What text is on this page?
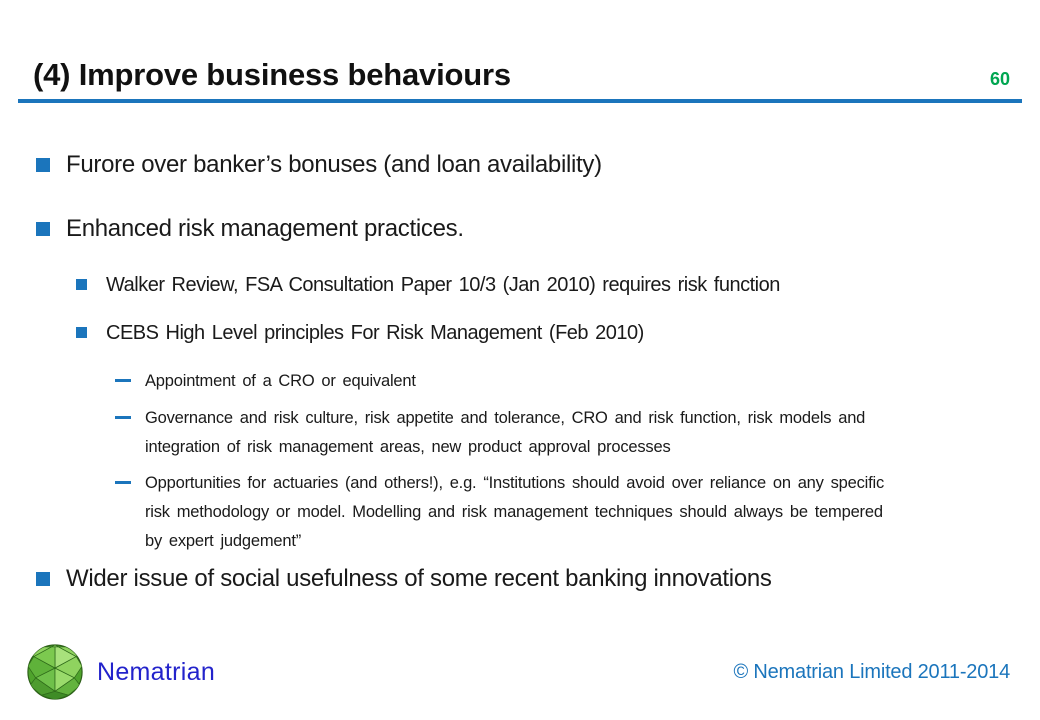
(4) Improve business behaviours	60
Furore over banker’s bonuses (and loan availability)
Enhanced risk management practices.
Walker Review, FSA Consultation Paper 10/3 (Jan 2010) requires risk function
CEBS High Level principles For Risk Management (Feb 2010)
Appointment of a CRO or equivalent
Governance and risk culture, risk appetite and tolerance, CRO and risk function, risk models and integration of risk management areas, new product approval processes
Opportunities for actuaries (and others!), e.g. “Institutions should avoid over reliance on any specific risk methodology or model. Modelling and risk management techniques should always be tempered by expert judgement”
Wider issue of social usefulness of some recent banking innovations
Nematrian	© Nematrian Limited 2011-2014
